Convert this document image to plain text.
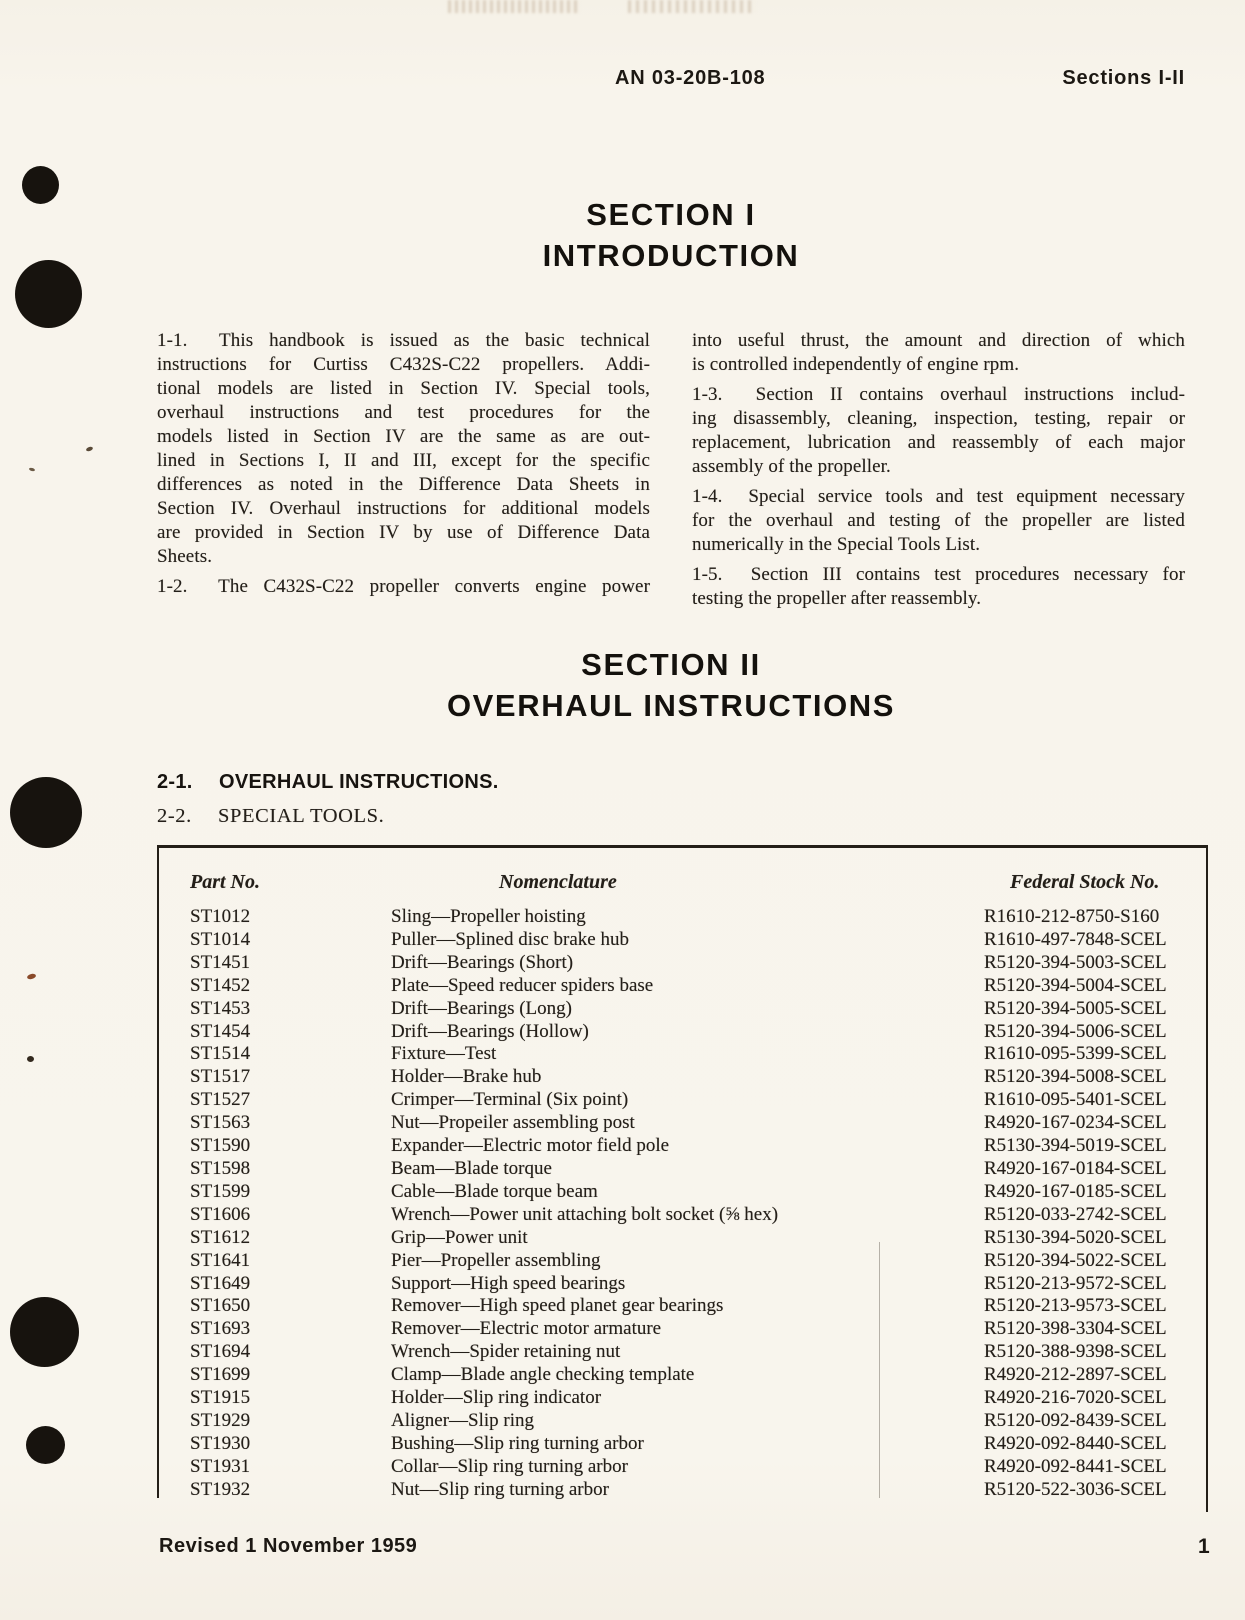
AN 03-20B-108	Sections I-II
SECTION I
INTRODUCTION
1-1.  This handbook is issued as the basic technical
instructions for Curtiss C432S-C22 propellers. Addi-
tional models are listed in Section IV. Special tools,
overhaul instructions and test procedures for the
models listed in Section IV are the same as are out-
lined in Sections I, II and III, except for the specific
differences as noted in the Difference Data Sheets in
Section IV. Overhaul instructions for additional models
are provided in Section IV by use of Difference Data
Sheets.
1-2.  The C432S-C22 propeller converts engine power
into useful thrust, the amount and direction of which
is controlled independently of engine rpm.
1-3.  Section II contains overhaul instructions includ-
ing disassembly, cleaning, inspection, testing, repair or
replacement, lubrication and reassembly of each major
assembly of the propeller.
1-4.  Special service tools and test equipment necessary
for the overhaul and testing of the propeller are listed
numerically in the Special Tools List.
1-5.  Section III contains test procedures necessary for
testing the propeller after reassembly.
SECTION II
OVERHAUL INSTRUCTIONS
2-1. OVERHAUL INSTRUCTIONS.
2-2. SPECIAL TOOLS.
Part No.	Nomenclature	Federal Stock No.
ST1012	Sling—Propeller hoisting	R1610-212-8750-S160
ST1014	Puller—Splined disc brake hub	R1610-497-7848-SCEL
ST1451	Drift—Bearings (Short)	R5120-394-5003-SCEL
ST1452	Plate—Speed reducer spiders base	R5120-394-5004-SCEL
ST1453	Drift—Bearings (Long)	R5120-394-5005-SCEL
ST1454	Drift—Bearings (Hollow)	R5120-394-5006-SCEL
ST1514	Fixture—Test	R1610-095-5399-SCEL
ST1517	Holder—Brake hub	R5120-394-5008-SCEL
ST1527	Crimper—Terminal (Six point)	R1610-095-5401-SCEL
ST1563	Nut—Propeiler assembling post	R4920-167-0234-SCEL
ST1590	Expander—Electric motor field pole	R5130-394-5019-SCEL
ST1598	Beam—Blade torque	R4920-167-0184-SCEL
ST1599	Cable—Blade torque beam	R4920-167-0185-SCEL
ST1606	Wrench—Power unit attaching bolt socket (⅝ hex)	R5120-033-2742-SCEL
ST1612	Grip—Power unit	R5130-394-5020-SCEL
ST1641	Pier—Propeller assembling	R5120-394-5022-SCEL
ST1649	Support—High speed bearings	R5120-213-9572-SCEL
ST1650	Remover—High speed planet gear bearings	R5120-213-9573-SCEL
ST1693	Remover—Electric motor armature	R5120-398-3304-SCEL
ST1694	Wrench—Spider retaining nut	R5120-388-9398-SCEL
ST1699	Clamp—Blade angle checking template	R4920-212-2897-SCEL
ST1915	Holder—Slip ring indicator	R4920-216-7020-SCEL
ST1929	Aligner—Slip ring	R5120-092-8439-SCEL
ST1930	Bushing—Slip ring turning arbor	R4920-092-8440-SCEL
ST1931	Collar—Slip ring turning arbor	R4920-092-8441-SCEL
ST1932	Nut—Slip ring turning arbor	R5120-522-3036-SCEL
Revised 1 November 1959	1
